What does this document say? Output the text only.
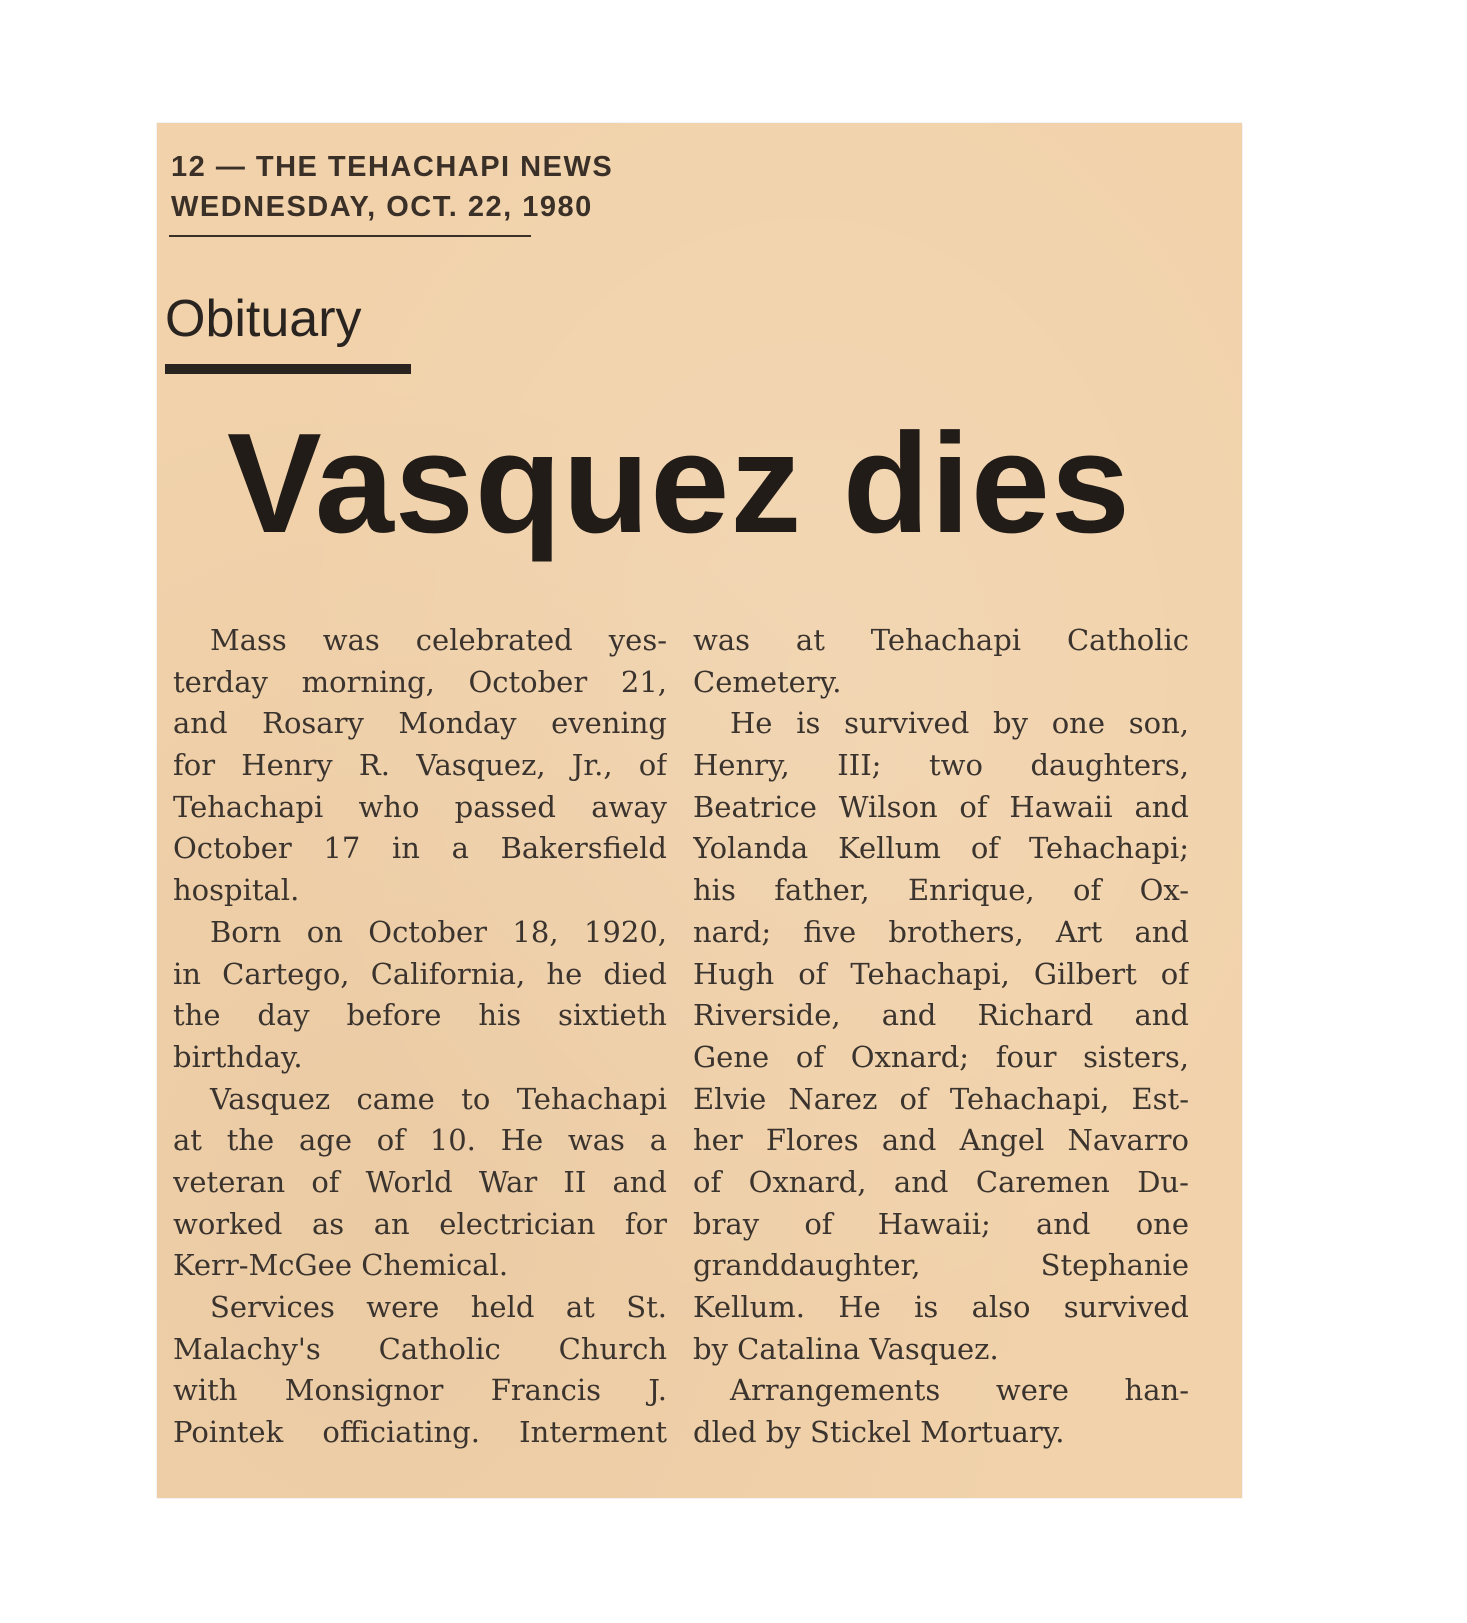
12 — THE TEHACHAPI NEWS
WEDNESDAY, OCT. 22, 1980
Obituary
Vasquez dies
Mass was celebrated yes-
terday morning, October 21,
and Rosary Monday evening
for Henry R. Vasquez, Jr., of
Tehachapi who passed away
October 17 in a Bakersfield
hospital.
Born on October 18, 1920,
in Cartego, California, he died
the day before his sixtieth
birthday.
Vasquez came to Tehachapi
at the age of 10. He was a
veteran of World War II and
worked as an electrician for
Kerr-McGee Chemical.
Services were held at St.
Malachy's Catholic Church
with Monsignor Francis J.
Pointek officiating. Interment
was at Tehachapi Catholic
Cemetery.
He is survived by one son,
Henry, III; two daughters,
Beatrice Wilson of Hawaii and
Yolanda Kellum of Tehachapi;
his father, Enrique, of Ox-
nard; five brothers, Art and
Hugh of Tehachapi, Gilbert of
Riverside, and Richard and
Gene of Oxnard; four sisters,
Elvie Narez of Tehachapi, Est-
her Flores and Angel Navarro
of Oxnard, and Caremen Du-
bray of Hawaii; and one
granddaughter, Stephanie
Kellum. He is also survived
by Catalina Vasquez.
Arrangements were han-
dled by Stickel Mortuary.
